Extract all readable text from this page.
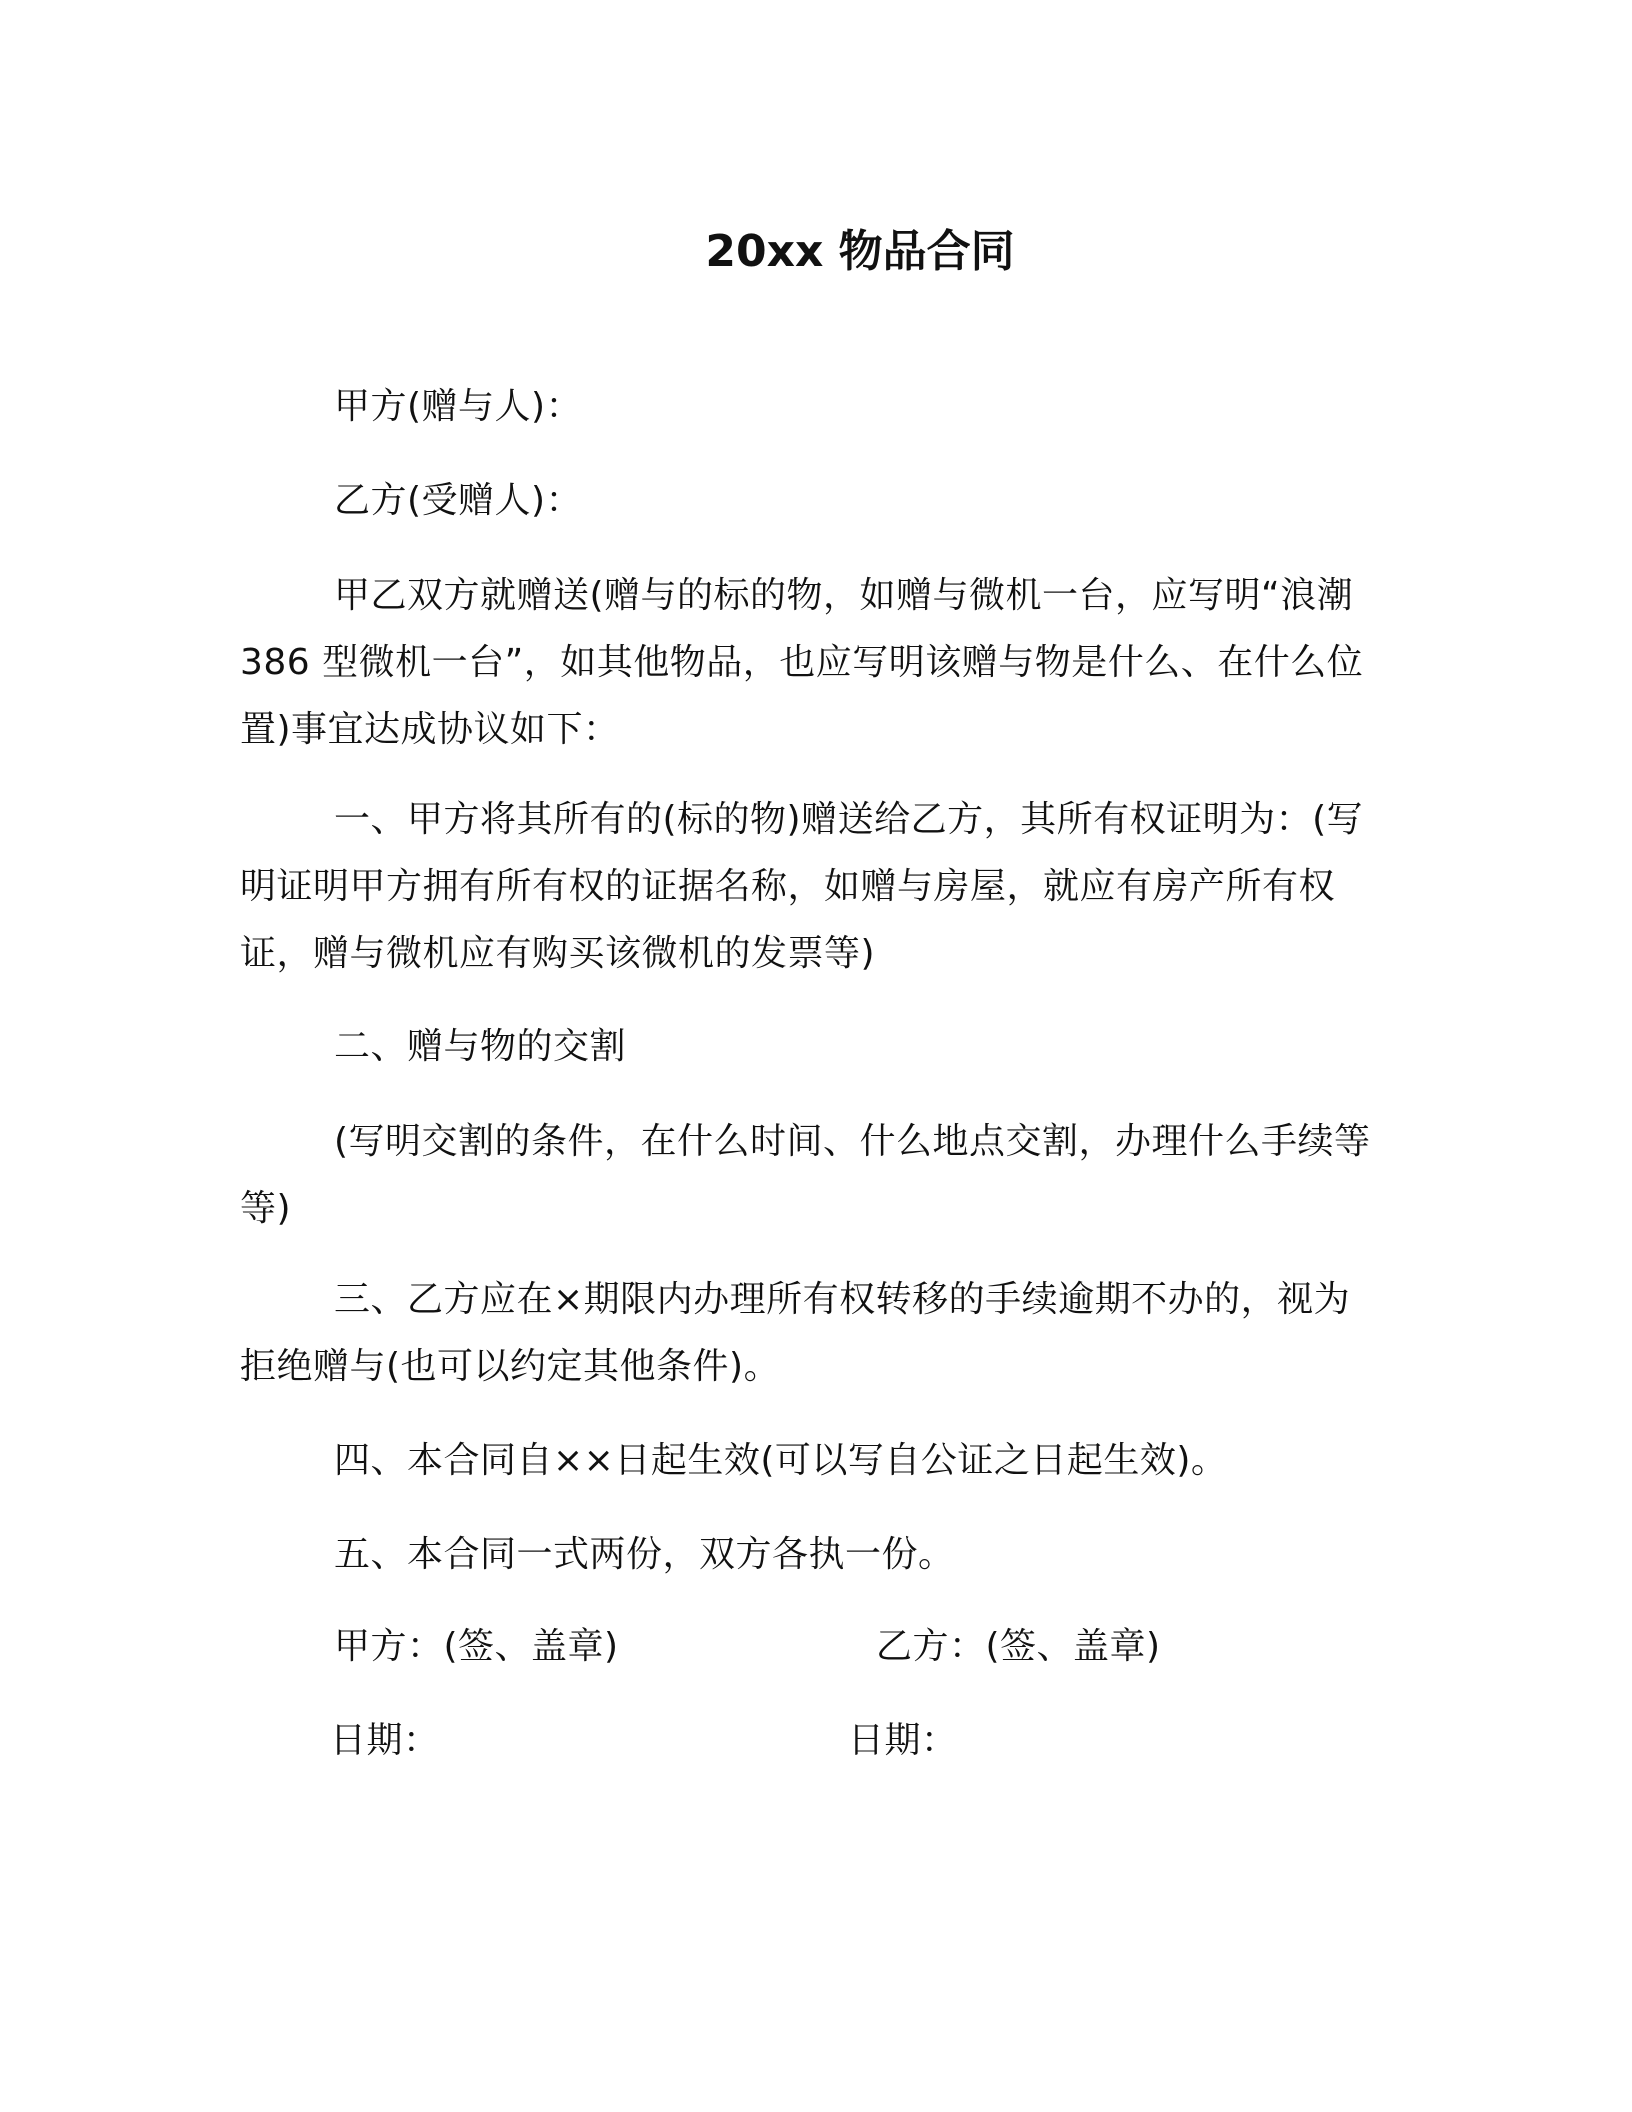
20xx 物品合同
甲方(赠与人)：
乙方(受赠人)：

甲乙双方就赠送(赠与的标的物，如赠与微机一台，应写明“浪潮 386 型微机一台”，如其他物品，也应写明该赠与物是什么、在什么位置)事宜达成协议如下：

一、甲方将其所有的(标的物)赠送给乙方，其所有权证明为：(写明证明甲方拥有所有权的证据名称，如赠与房屋，就应有房产所有权证，赠与微机应有购买该微机的发票等)

二、赠与物的交割

(写明交割的条件，在什么时间、什么地点交割，办理什么手续等等)

三、乙方应在×期限内办理所有权转移的手续逾期不办的，视为拒绝赠与(也可以约定其他条件)。

四、本合同自××日起生效(可以写自公证之日起生效)。
五、本合同一式两份，双方各执一份。
甲方：(签、盖章)	乙方：(签、盖章)
日期：	日期：
